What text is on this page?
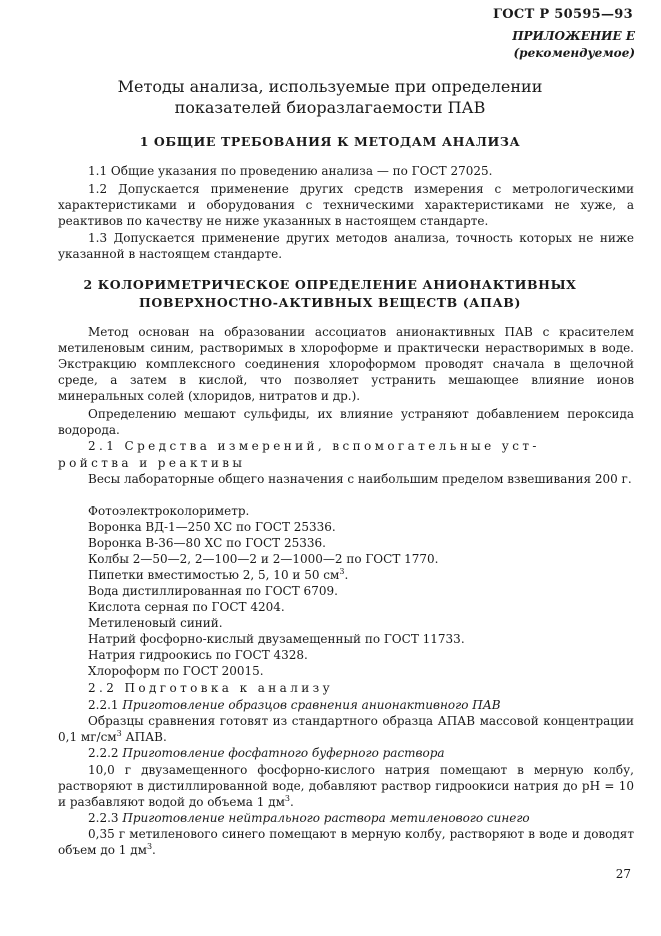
ГОСТ Р 50595—93
ПРИЛОЖЕНИЕ Е
(рекомендуемое)
Методы анализа, используемые при определении
показателей биоразлагаемости ПАВ
1 ОБЩИЕ ТРЕБОВАНИЯ К МЕТОДАМ АНАЛИЗА
1.1 Общие указания по проведению анализа — по ГОСТ 27025.
1.2 Допускается применение других средств измерения с метрологическими характеристиками и оборудования с техническими характеристиками не хуже, а реактивов по качеству не ниже указанных в настоящем стандарте.
1.3 Допускается применение других методов анализа, точность которых не ниже указанной в настоящем стандарте.
2 КОЛОРИМЕТРИЧЕСКОЕ ОПРЕДЕЛЕНИЕ АНИОНАКТИВНЫХ
ПОВЕРХНОСТНО-АКТИВНЫХ ВЕЩЕСТВ (АПАВ)
Метод основан на образовании ассоциатов анионактивных ПАВ с красителем метиленовым синим, растворимых в хлороформе и практически нерастворимых в воде. Экстракцию комплексного соединения хлороформом проводят сначала в щелочной среде, а затем в кислой, что позволяет устранить мешающее влияние ионов минеральных солей (хлоридов, нитратов и др.).
Определению мешают сульфиды, их влияние устраняют добавлением пероксида водорода.
2.1 Средства измерений, вспомогательные уст-
ройства и реактивы
Весы лабораторные общего назначения с наибольшим пределом взвешивания 200 г.
Фотоэлектроколориметр.
Воронка ВД-1—250 ХС по ГОСТ 25336.
Воронка В-36—80 ХС по ГОСТ 25336.
Колбы 2—50—2, 2—100—2 и 2—1000—2 по ГОСТ 1770.
Пипетки вместимостью 2, 5, 10 и 50 $см^3$.
Вода дистиллированная по ГОСТ 6709.
Кислота серная по ГОСТ 4204.
Метиленовый синий.
Натрий фосфорно-кислый двузамещенный по ГОСТ 11733.
Натрия гидроокись по ГОСТ 4328.
Хлороформ по ГОСТ 20015.
2.2 Подготовка к анализу
2.2.1 Приготовление образцов сравнения анионактивного ПАВ
Образцы сравнения готовят из стандартного образца АПАВ массовой концентрации 0,1 $мг/см^3$ АПАВ.
2.2.2 Приготовление фосфатного буферного раствора
10,0 г двузамещенного фосфорно-кислого натрия помещают в мерную колбу, растворяют в дистиллированной воде, добавляют раствор гидроокиси натрия до рН = 10 и разбавляют водой до объема 1 $дм^3$.
2.2.3 Приготовление нейтрального раствора метиленового синего
0,35 г метиленового синего помещают в мерную колбу, растворяют в воде и доводят объем до 1 $дм^3$.
27
